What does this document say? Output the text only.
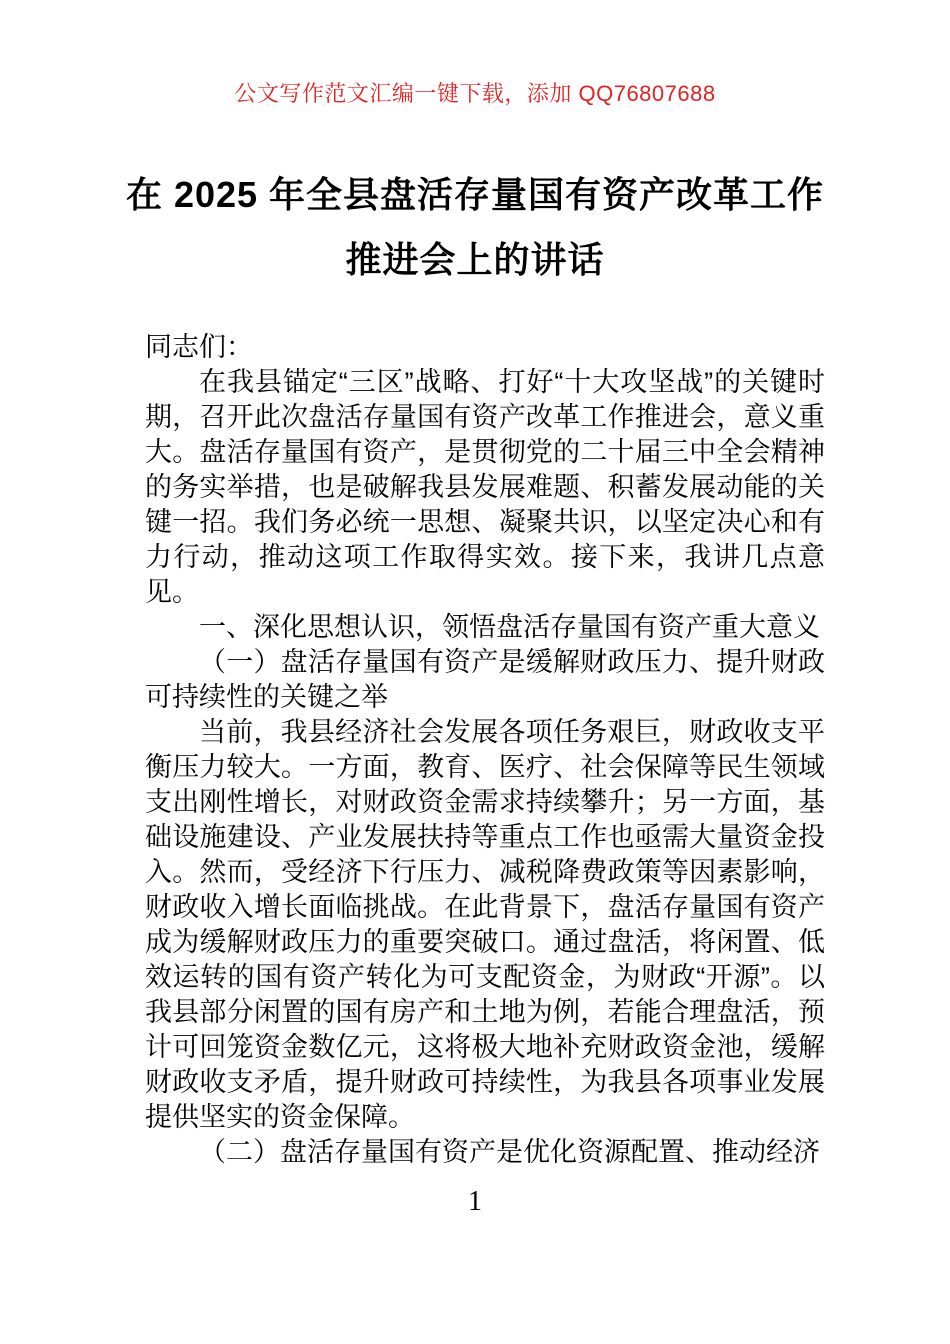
公文写作范文汇编一键下载，添加 QQ76807688
在 2025 年全县盘活存量国有资产改革工作
推进会上的讲话

同志们：

在我县锚定“三区”战略、打好“十大攻坚战”的关键时期，召开此次盘活存量国有资产改革工作推进会，意义重大。盘活存量国有资产，是贯彻党的二十届三中全会精神的务实举措，也是破解我县发展难题、积蓄发展动能的关键一招。我们务必统一思想、凝聚共识，以坚定决心和有力行动，推动这项工作取得实效。接下来，我讲几点意见。

一、深化思想认识，领悟盘活存量国有资产重大意义

（一）盘活存量国有资产是缓解财政压力、提升财政可持续性的关键之举

当前，我县经济社会发展各项任务艰巨，财政收支平衡压力较大。一方面，教育、医疗、社会保障等民生领域支出刚性增长，对财政资金需求持续攀升；另一方面，基础设施建设、产业发展扶持等重点工作也亟需大量资金投入。然而，受经济下行压力、减税降费政策等因素影响，财政收入增长面临挑战。在此背景下，盘活存量国有资产成为缓解财政压力的重要突破口。通过盘活，将闲置、低效运转的国有资产转化为可支配资金，为财政“开源”。以我县部分闲置的国有房产和土地为例，若能合理盘活，预计可回笼资金数亿元，这将极大地补充财政资金池，缓解财政收支矛盾，提升财政可持续性，为我县各项事业发展提供坚实的资金保障。

（二）盘活存量国有资产是优化资源配置、推动经济

1
